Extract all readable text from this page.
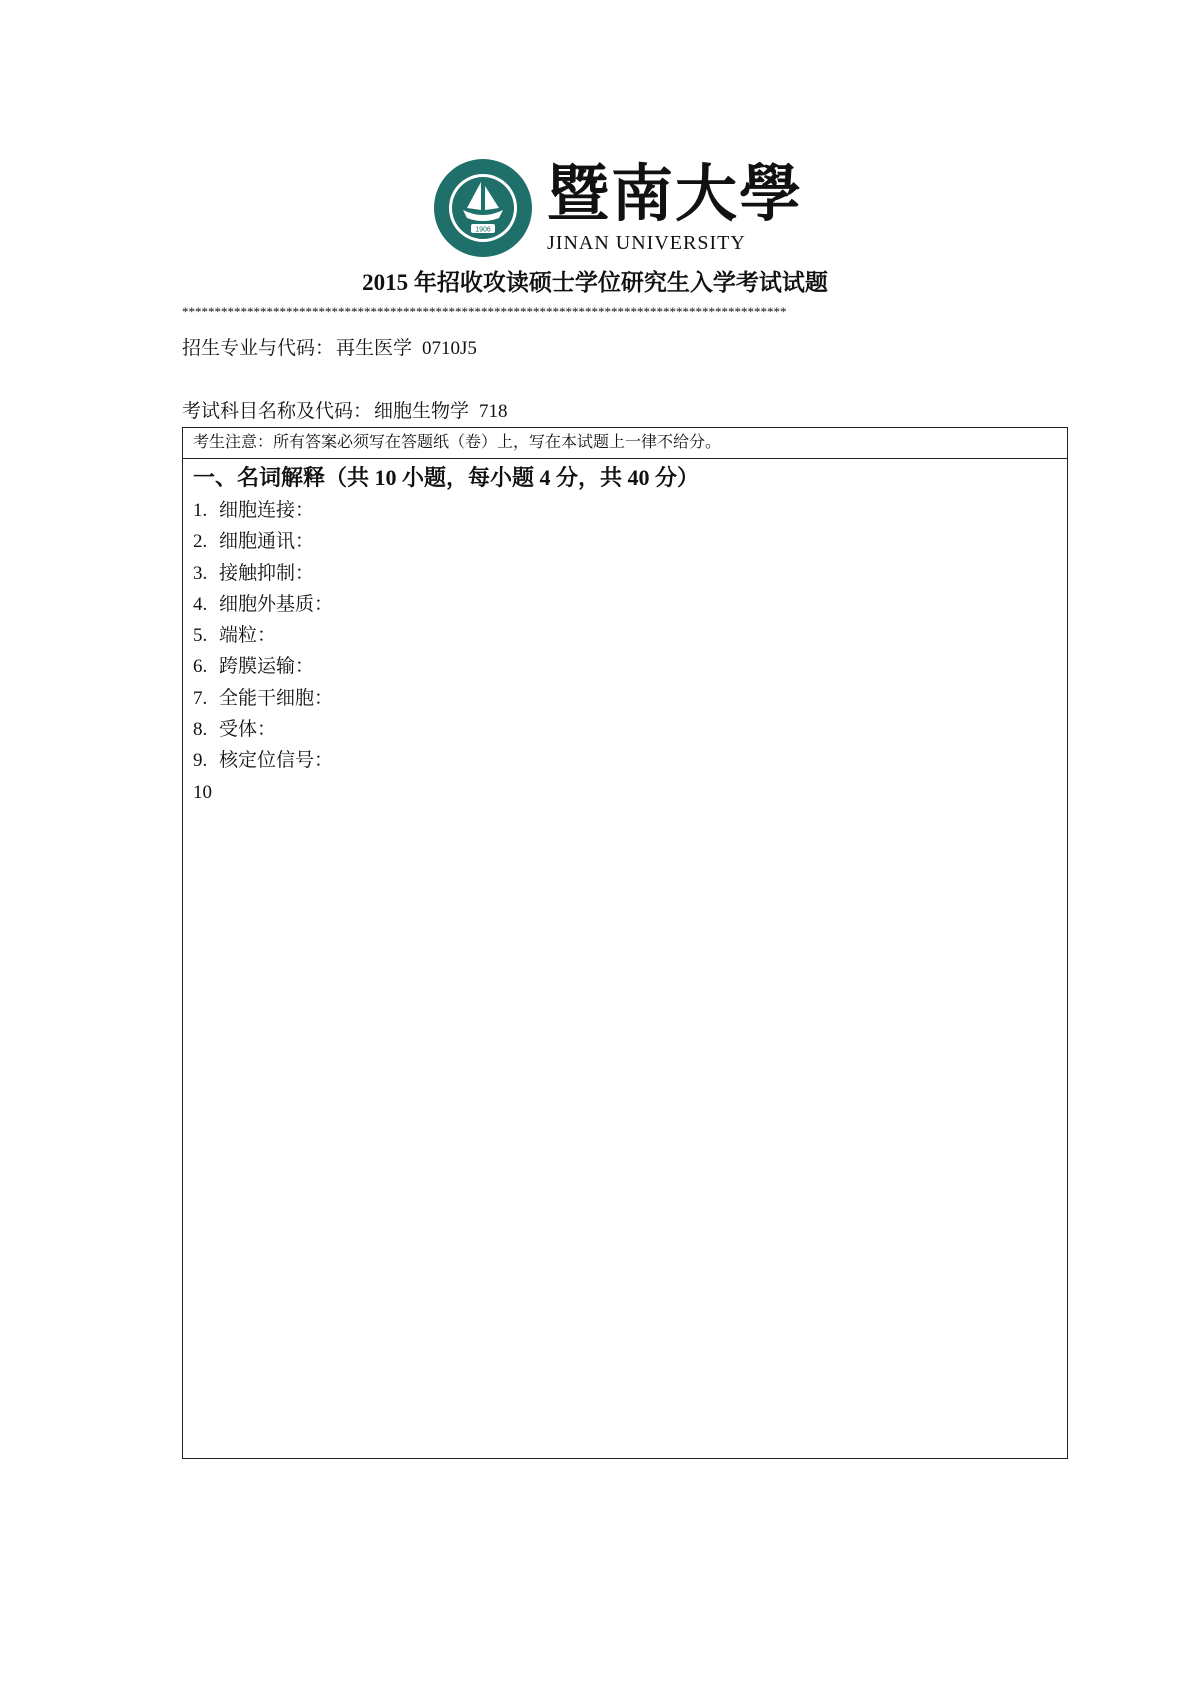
1906 暨南大學
JINAN UNIVERSITY
2015 年招收攻读硕士学位研究生入学考试试题
*********************************************************************************************
招生专业与代码： 再生医学 0710J5
考试科目名称及代码： 细胞生物学 718
考生注意：所有答案必须写在答题纸（卷）上，写在本试题上一律不给分。
一、名词解释（共 10 小题，每小题 4 分，共 40 分）
1. 细胞连接：
2. 细胞通讯：
3. 接触抑制：
4. 细胞外基质：
5. 端粒：
6. 跨膜运输：
7. 全能干细胞：
8. 受体：
9. 核定位信号：
10
